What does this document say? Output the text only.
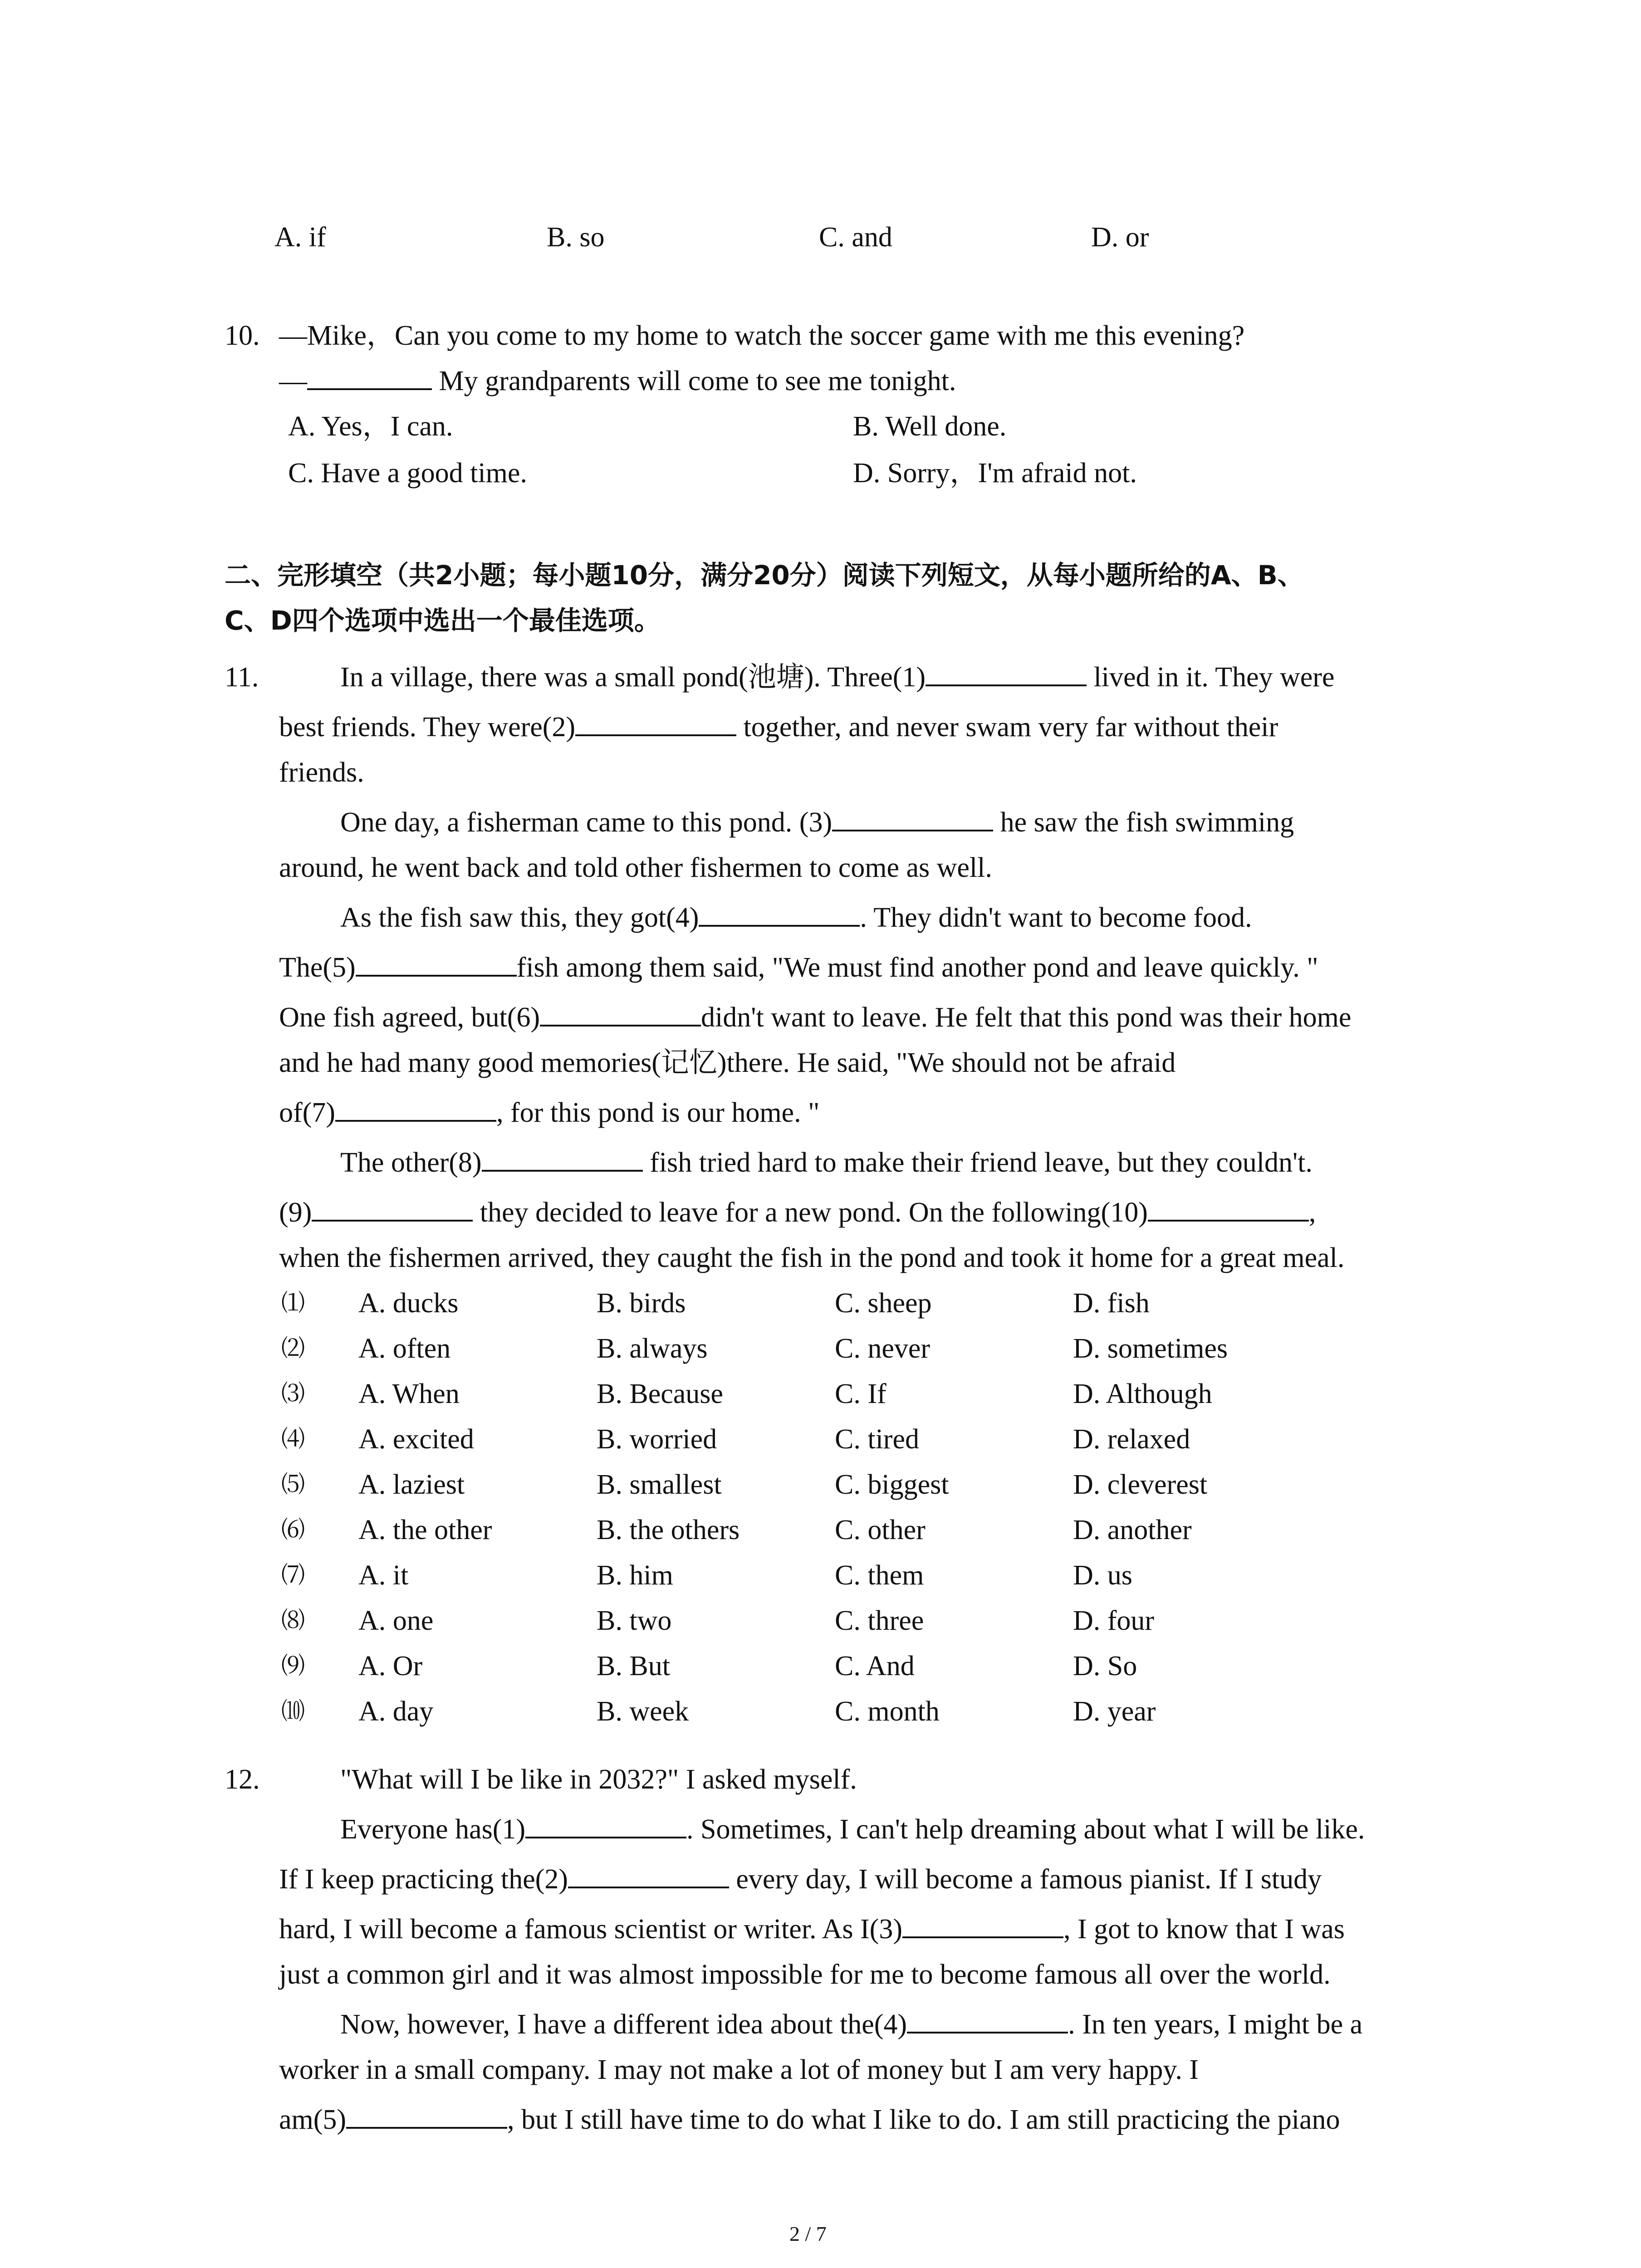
A. if	B. so	C. and	D. or
10. —Mike，Can you come to my home to watch the soccer game with me this evening?
—	My grandparents will come to see me tonight.
A. Yes，I can.	B. Well done.
C. Have a good time.	D. Sorry，I'm afraid not.
二、完形填空（共2小题；每小题10分，满分20分）阅读下列短文，从每小题所给的A、B、
C、D四个选项中选出一个最佳选项。
11.	In a village, there was a small pond(池塘). Three(1)	lived in it. They were
best friends. They were(2)	together, and never swam very far without their
friends.
One day, a fisherman came to this pond. (3)	he saw the fish swimming
around, he went back and told other fishermen to come as well.
As the fish saw this, they got(4)	. They didn't want to become food.
The(5)	fish among them said, "We must find another pond and leave quickly. "
One fish agreed, but(6)	didn't want to leave. He felt that this pond was their home
and he had many good memories(记忆)there. He said, "We should not be afraid
of(7)	, for this pond is our home. "
The other(8)	fish tried hard to make their friend leave, but they couldn't.
(9)	they decided to leave for a new pond. On the following(10)	,
when the fishermen arrived, they caught the fish in the pond and took it home for a great meal.
⑴ A. ducks	B. birds	C. sheep	D. fish
⑵ A. often	B. always	C. never	D. sometimes
⑶ A. When	B. Because	C. If	D. Although
⑷ A. excited	B. worried	C. tired	D. relaxed
⑸ A. laziest	B. smallest	C. biggest	D. cleverest
⑹ A. the other	B. the others	C. other	D. another
⑺ A. it	B. him	C. them	D. us
⑻ A. one	B. two	C. three	D. four
⑼ A. Or	B. But	C. And	D. So
⑽ A. day	B. week	C. month	D. year
12.	"What will I be like in 2032?" I asked myself.
Everyone has(1)	. Sometimes, I can't help dreaming about what I will be like.
If I keep practicing the(2)	every day, I will become a famous pianist. If I study
hard, I will become a famous scientist or writer. As I(3)	, I got to know that I was
just a common girl and it was almost impossible for me to become famous all over the world.
Now, however, I have a different idea about the(4)	. In ten years, I might be a
worker in a small company. I may not make a lot of money but I am very happy. I
am(5)	, but I still have time to do what I like to do. I am still practicing the piano
2 / 7
